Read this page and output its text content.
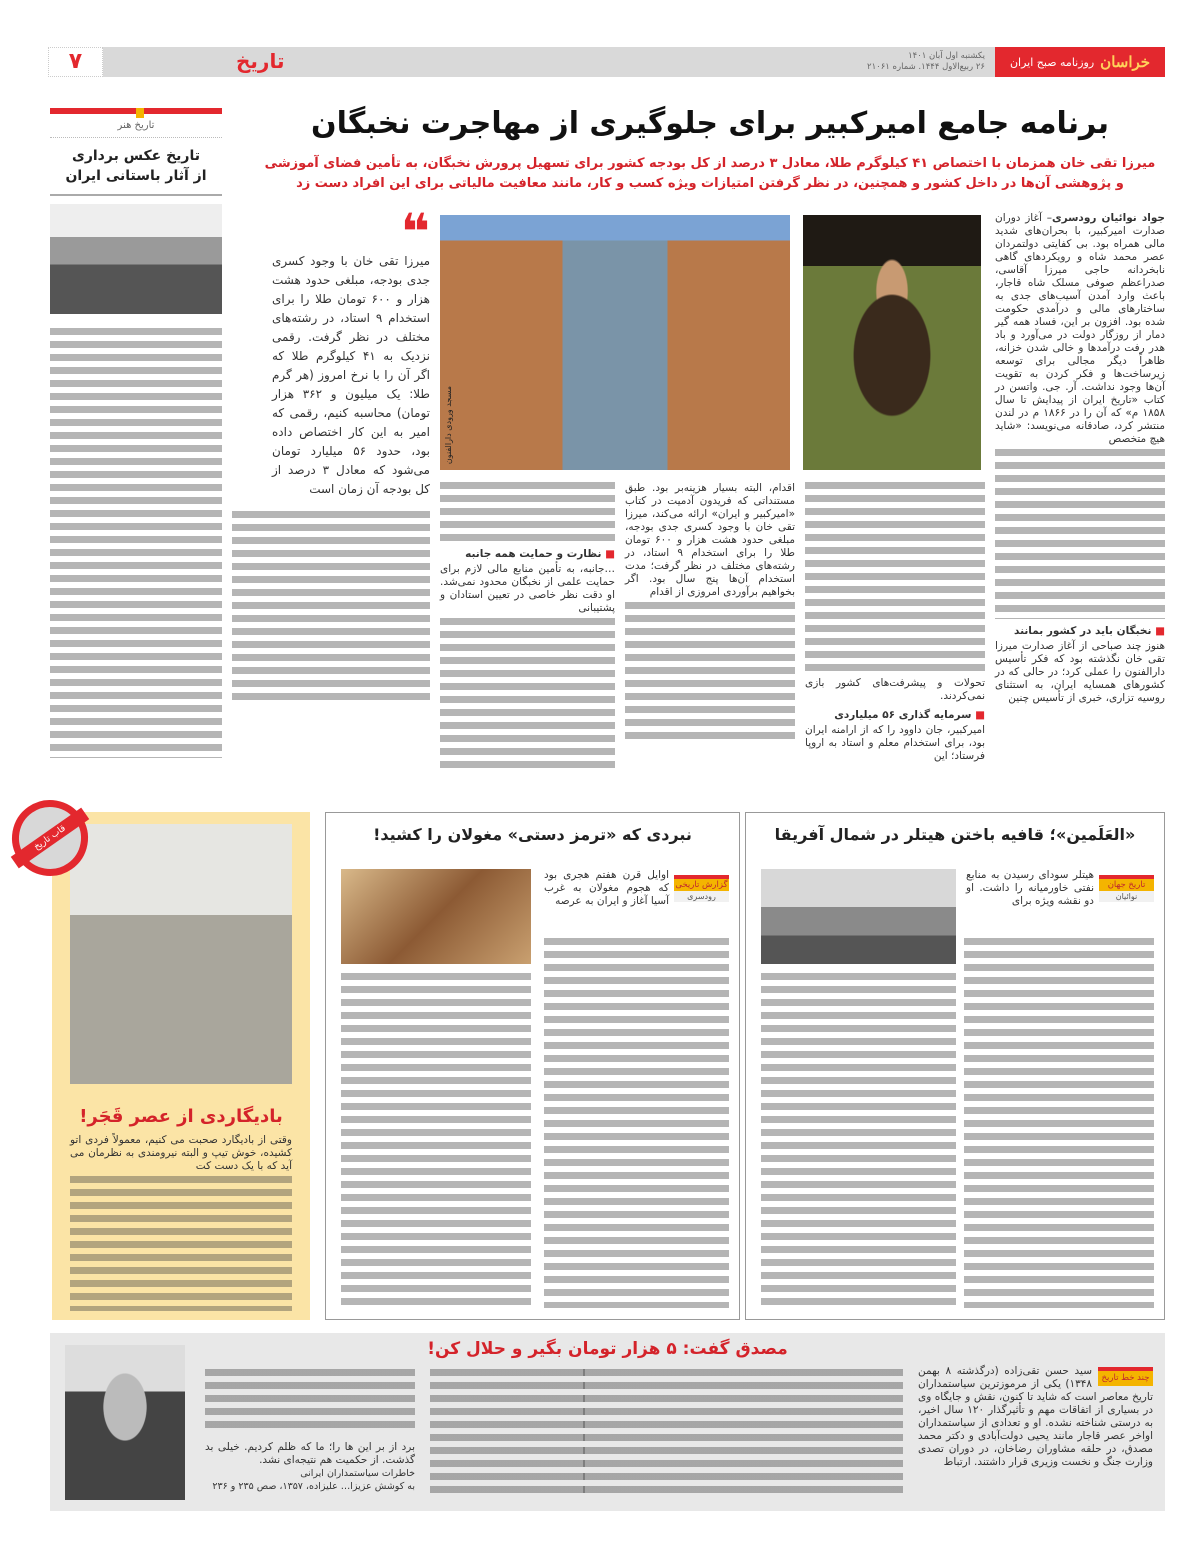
خراسان
روزنامه صبح ایران
یکشنبه اول آبان ۱۴۰۱
۲۶ ربیع‌الاول ۱۴۴۴. شماره ۲۱۰۶۱
تاریخ
۷
تاریخ هنر
تاریخ عکس برداری
از آثار باستانی ایران
برنامه جامع امیرکبیر برای جلوگیری از مهاجرت نخبگان
میرزا تقی خان همزمان با اختصاص ۴۱ کیلوگرم طلا، معادل ۳ درصد از کل بودجه کشور برای تسهیل پرورش نخبگان، به تأمین فضای آموزشی و پژوهشی آن‌ها در داخل کشور و همچنین، در نظر گرفتن امتیازات ویژه کسب و کار، مانند معافیت مالیاتی برای این افراد دست زد
جواد نوائیان رودسری– آغاز دوران صدارت امیرکبیر، با بحران‌های شدید مالی همراه بود. بی کفایتی دولتمردان عصر محمد شاه و رویکردهای گاهی نابخردانه حاجی میرزا آقاسی، صدراعظم صوفی مسلک شاه قاجار، باعث وارد آمدن آسیب‌های جدی به ساختارهای مالی و درآمدی حکومت شده بود. افزون بر این، فساد همه گیر دمار از روزگار دولت در می‌آورد و باد هدر رفت درآمدها و خالی شدن خزانه، ظاهراً دیگر مجالی برای توسعه زیرساخت‌ها و فکر کردن به تقویت آن‌ها وجود نداشت. آر. جی. واتسن در کتاب «تاریخ ایران از پیدایش تا سال ۱۸۵۸ م» که آن را در ۱۸۶۶ م در لندن منتشر کرد، صادقانه می‌نویسد: «شاید هیچ متخصص
■ نخبگان باید در کشور بمانند
هنوز چند صباحی از آغاز صدارت میرزا تقی خان نگذشته بود که فکر تأسیس دارالفنون را عملی کرد؛ در حالی که در کشورهای همسایه ایران، به استثنای روسیه تزاری، خبری از تأسیس چنین
مسجد ورودی دارالفنون
❝
میرزا تقی خان با وجود کسری جدی بودجه، مبلغی حدود هشت هزار و ۶۰۰ تومان طلا را برای استخدام ۹ استاد، در رشته‌های مختلف در نظر گرفت. رقمی نزدیک به ۴۱ کیلوگرم طلا که اگر آن را با نرخ امروز (هر گرم طلا: یک میلیون و ۳۶۲ هزار تومان) محاسبه کنیم، رقمی که امیر به این کار اختصاص داده بود، حدود ۵۶ میلیارد تومان می‌شود که معادل ۳ درصد از کل بودجه آن زمان است
تحولات و پیشرفت‌های کشور بازی نمی‌کردند.
■ سرمایه گذاری ۵۶ میلیاردی
امیرکبیر، جان داوود را که از ارامنه ایران بود، برای استخدام معلم و استاد به اروپا فرستاد؛ این
اقدام، البته بسیار هزینه‌بر بود. طبق مستنداتی که فریدون آدمیت در کتاب «امیرکبیر و ایران» ارائه می‌کند، میرزا تقی خان با وجود کسری جدی بودجه، مبلغی حدود هشت هزار و ۶۰۰ تومان طلا را برای استخدام ۹ استاد، در رشته‌های مختلف در نظر گرفت؛ مدت استخدام آن‌ها پنج سال بود. اگر بخواهیم برآوردی امروزی از اقدام
■ نظارت و حمایت همه جانبه
…جانبه، به تأمین منابع مالی لازم برای حمایت علمی از نخبگان محدود نمی‌شد. او دقت نظر خاصی در تعیین استادان و پشتیبانی
«العَلَمین»؛ قافیه باختن هیتلر در شمال آفریقا
تاریخ جهان
نوائیان
هیتلر سودای رسیدن به منابع نفتی خاورمیانه را داشت. او دو نقشه ویژه برای
نبردی که «ترمز دستی» مغولان را کشید!
گزارش تاریخی
رودسری
اوایل قرن هفتم هجری بود که هجوم مغولان به غرب آسیا آغاز و ایران به عرصه
بادیگاردی از عصر قَجَر!
وقتی از بادیگارد صحبت می کنیم، معمولاً فردی اتو کشیده، خوش تیپ و البته نیرومندی به نظرمان می آید که با یک دست کت
قاب تاریخ
مصدق گفت: ۵ هزار تومان بگیر و حلال کن!
چند خط تاریخ
سید حسن تقی‌زاده (درگذشته ۸ بهمن ۱۳۴۸) یکی از مرموزترین سیاستمداران تاریخ معاصر است که شاید تا کنون، نقش و جایگاه وی در بسیاری از اتفاقات مهم و تأثیرگذار ۱۲۰ سال اخیر، به درستی شناخته نشده. او و تعدادی از سیاستمداران اواخر عصر قاجار مانند یحیی دولت‌آبادی و دکتر محمد مصدق، در حلقه مشاوران رضاخان، در دوران تصدی وزارت جنگ و نخست وزیری قرار داشتند. ارتباط
برد از بر این ها را؛ ما که ظلم کردیم. خیلی بد گذشت. از حکمیت هم نتیجه‌ای نشد.
خاطرات سیاستمداران ایرانی
به کوشش عزیزا… علیزاده، ۱۳۵۷، صص ۲۳۵ و ۲۳۶
